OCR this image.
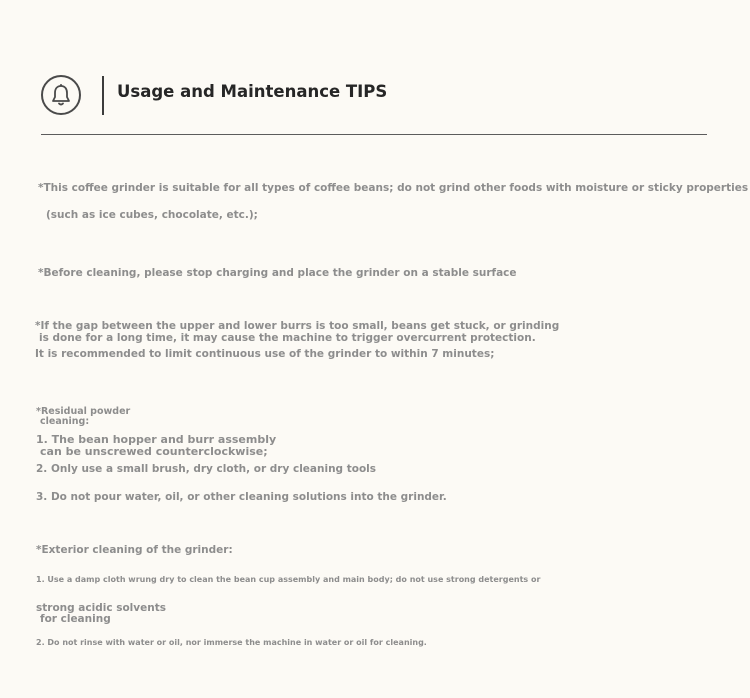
Usage and Maintenance TIPS
*This coffee grinder is suitable for all types of coffee beans; do not grind other foods with moisture or sticky properties
(such as ice cubes, chocolate, etc.);
*Before cleaning, please stop charging and place the grinder on a stable surface
*If the gap between the upper and lower burrs is too small, beans get stuck, or grinding
is done for a long time, it may cause the machine to trigger overcurrent protection.
It is recommended to limit continuous use of the grinder to within 7 minutes;
*Residual powder
cleaning:
1. The bean hopper and burr assembly
can be unscrewed counterclockwise;
2. Only use a small brush, dry cloth, or dry cleaning tools
3. Do not pour water, oil, or other cleaning solutions into the grinder.
*Exterior cleaning of the grinder:
1. Use a damp cloth wrung dry to clean the bean cup assembly and main body; do not use strong detergents or
strong acidic solvents
for cleaning
2. Do not rinse with water or oil, nor immerse the machine in water or oil for cleaning.
